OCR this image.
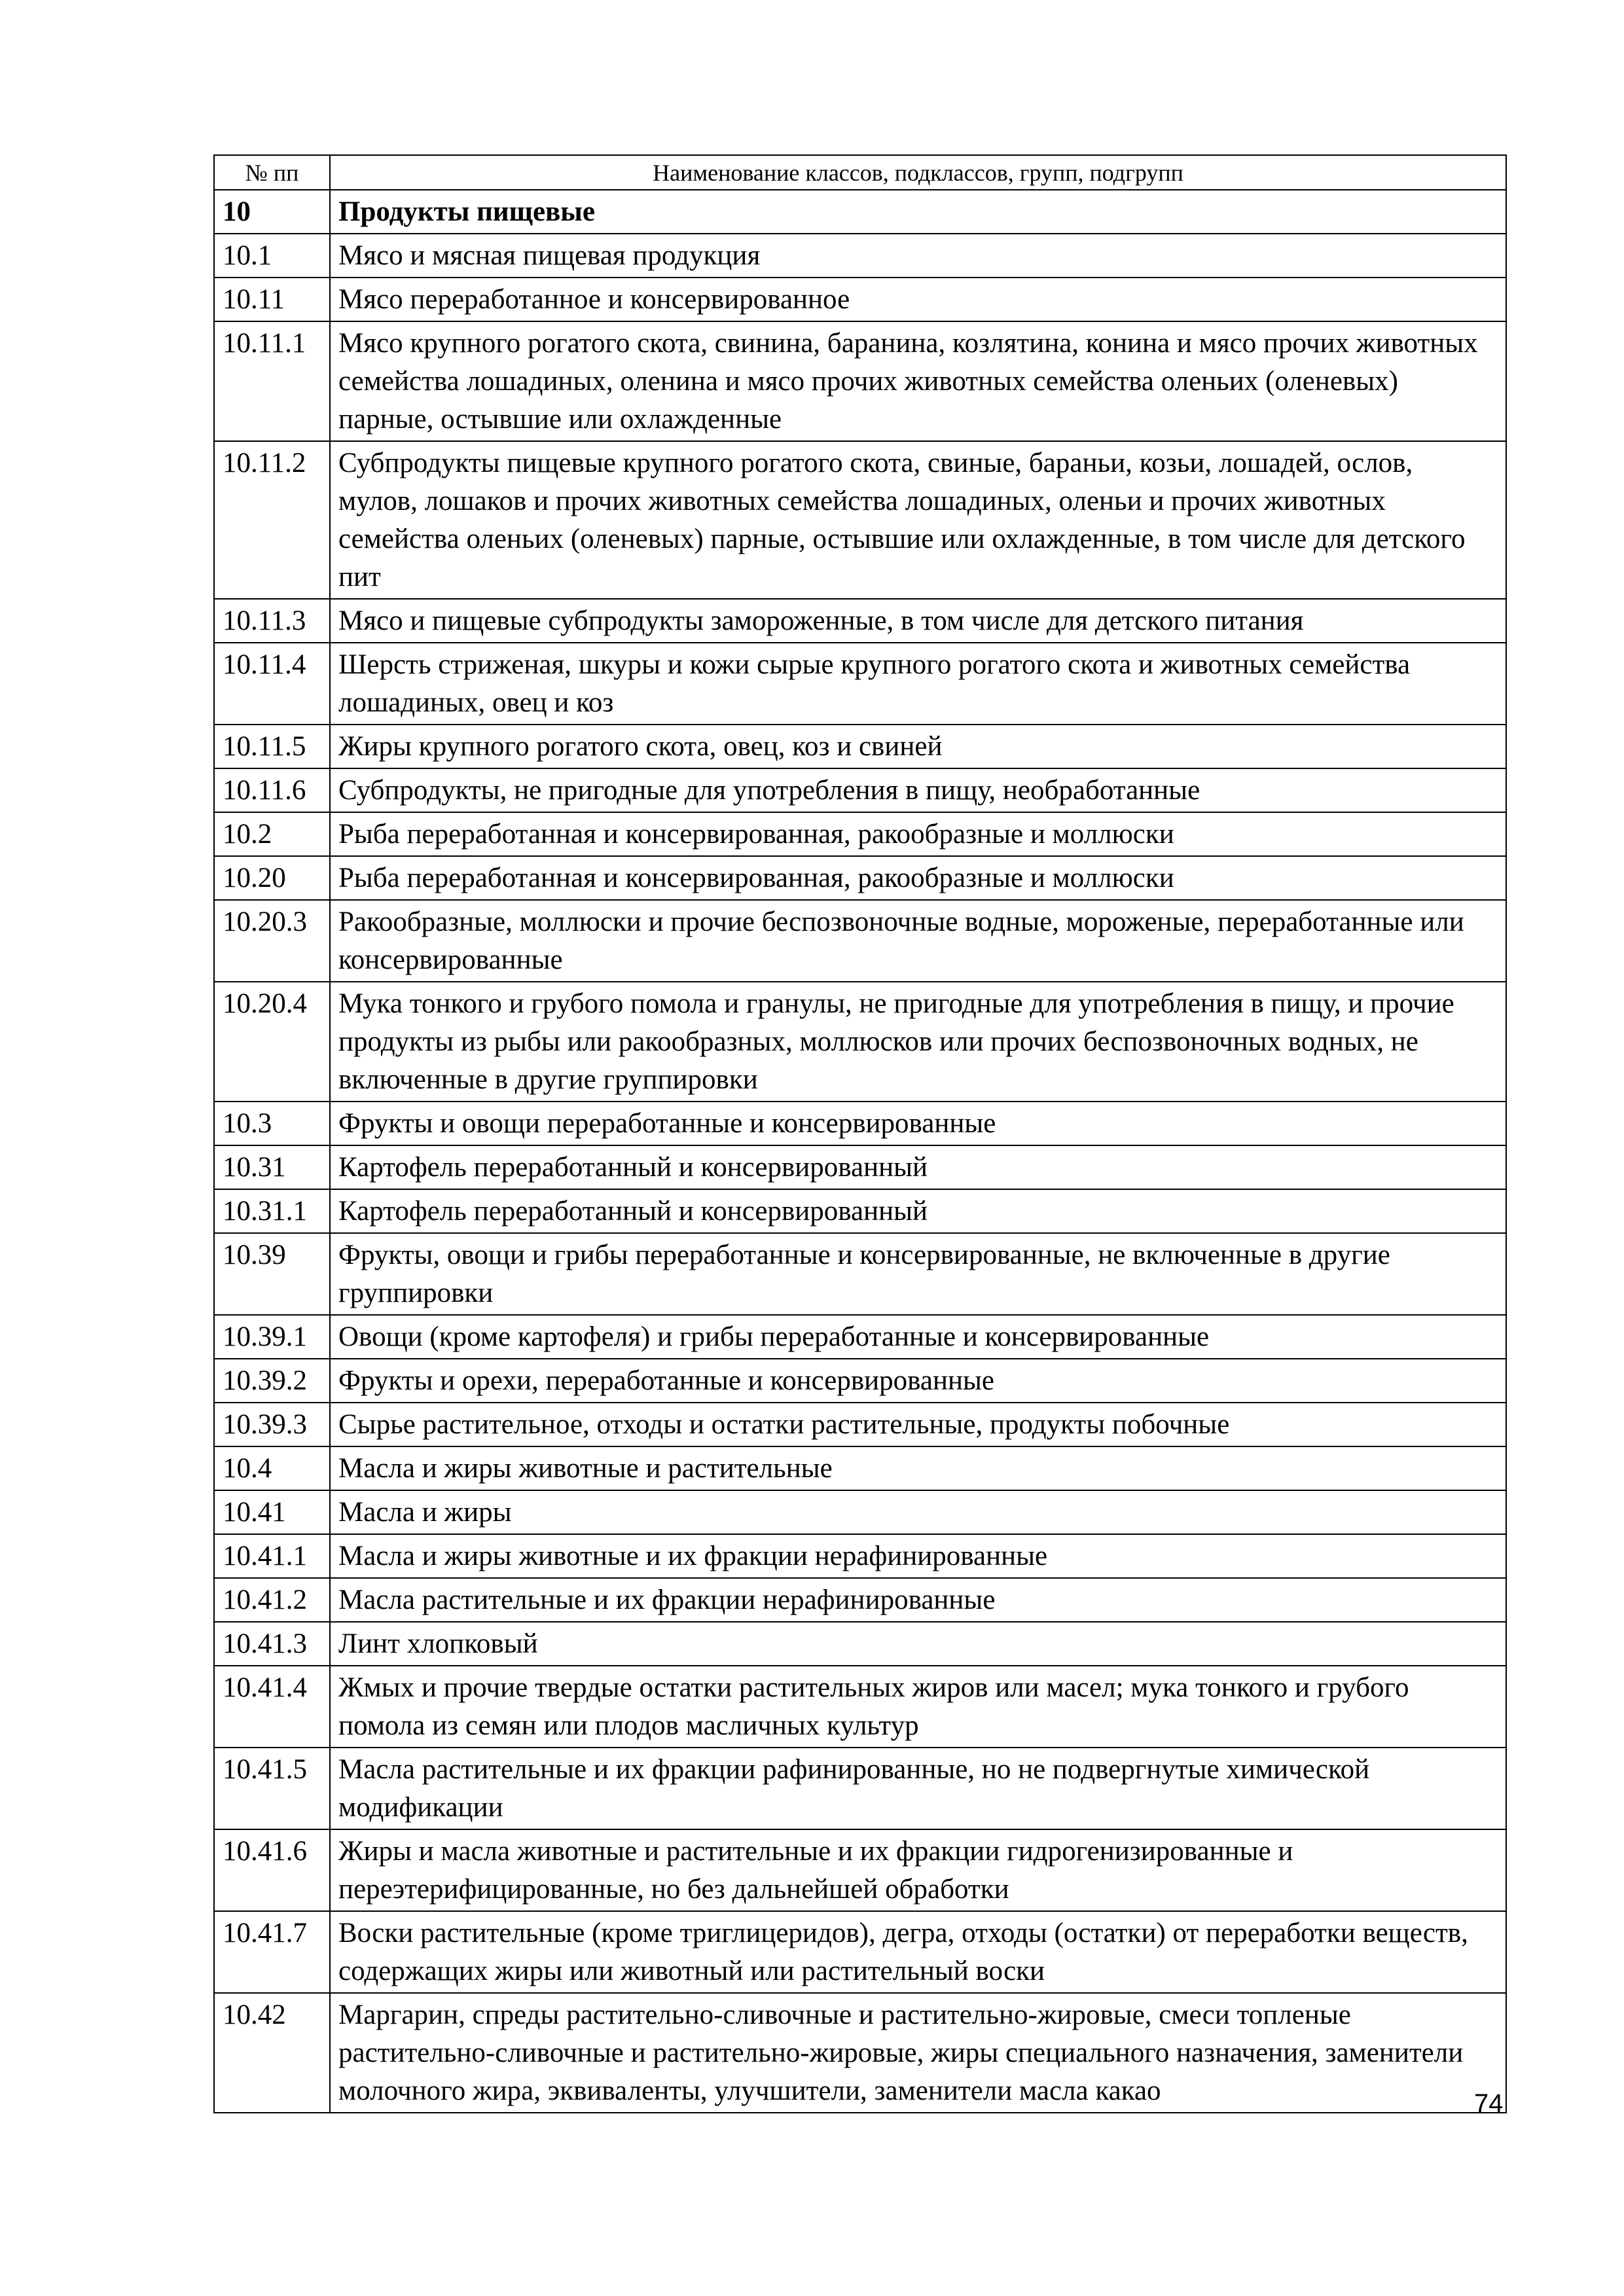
№ пп	Наименование классов, подклассов, групп, подгрупп
10	Продукты пищевые
10.1	Мясо и мясная пищевая продукция
10.11	Мясо переработанное и консервированное
10.11.1	Мясо крупного рогатого скота, свинина, баранина, козлятина, конина и мясо прочих животных семейства лошадиных, оленина и мясо прочих животных семейства оленьих (оленевых) парные, остывшие или охлажденные
10.11.2	Субпродукты пищевые крупного рогатого скота, свиные, бараньи, козьи, лошадей, ослов, мулов, лошаков и прочих животных семейства лошадиных, оленьи и прочих животных семейства оленьих (оленевых) парные, остывшие или охлажденные, в том числе для детского пит
10.11.3	Мясо и пищевые субпродукты замороженные, в том числе для детского питания
10.11.4	Шерсть стриженая, шкуры и кожи сырые крупного рогатого скота и животных семейства лошадиных, овец и коз
10.11.5	Жиры крупного рогатого скота, овец, коз и свиней
10.11.6	Субпродукты, не пригодные для употребления в пищу, необработанные
10.2	Рыба переработанная и консервированная, ракообразные и моллюски
10.20	Рыба переработанная и консервированная, ракообразные и моллюски
10.20.3	Ракообразные, моллюски и прочие беспозвоночные водные, мороженые, переработанные или консервированные
10.20.4	Мука тонкого и грубого помола и гранулы, не пригодные для употребления в пищу, и прочие продукты из рыбы или ракообразных, моллюсков или прочих беспозвоночных водных, не включенные в другие группировки
10.3	Фрукты и овощи переработанные и консервированные
10.31	Картофель переработанный и консервированный
10.31.1	Картофель переработанный и консервированный
10.39	Фрукты, овощи и грибы переработанные и консервированные, не включенные в другие группировки
10.39.1	Овощи (кроме картофеля) и грибы переработанные и консервированные
10.39.2	Фрукты и орехи, переработанные и консервированные
10.39.3	Сырье растительное, отходы и остатки растительные, продукты побочные
10.4	Масла и жиры животные и растительные
10.41	Масла и жиры
10.41.1	Масла и жиры животные и их фракции нерафинированные
10.41.2	Масла растительные и их фракции нерафинированные
10.41.3	Линт хлопковый
10.41.4	Жмых и прочие твердые остатки растительных жиров или масел; мука тонкого и грубого помола из семян или плодов масличных культур
10.41.5	Масла растительные и их фракции рафинированные, но не подвергнутые химической модификации
10.41.6	Жиры и масла животные и растительные и их фракции гидрогенизированные и переэтерифицированные, но без дальнейшей обработки
10.41.7	Воски растительные (кроме триглицеридов), дегра, отходы (остатки) от переработки веществ, содержащих жиры или животный или растительный воски
10.42	Маргарин, спреды растительно-сливочные и растительно-жировые, смеси топленые растительно-сливочные и растительно-жировые, жиры специального назначения, заменители молочного жира, эквиваленты, улучшители, заменители масла какао	74
